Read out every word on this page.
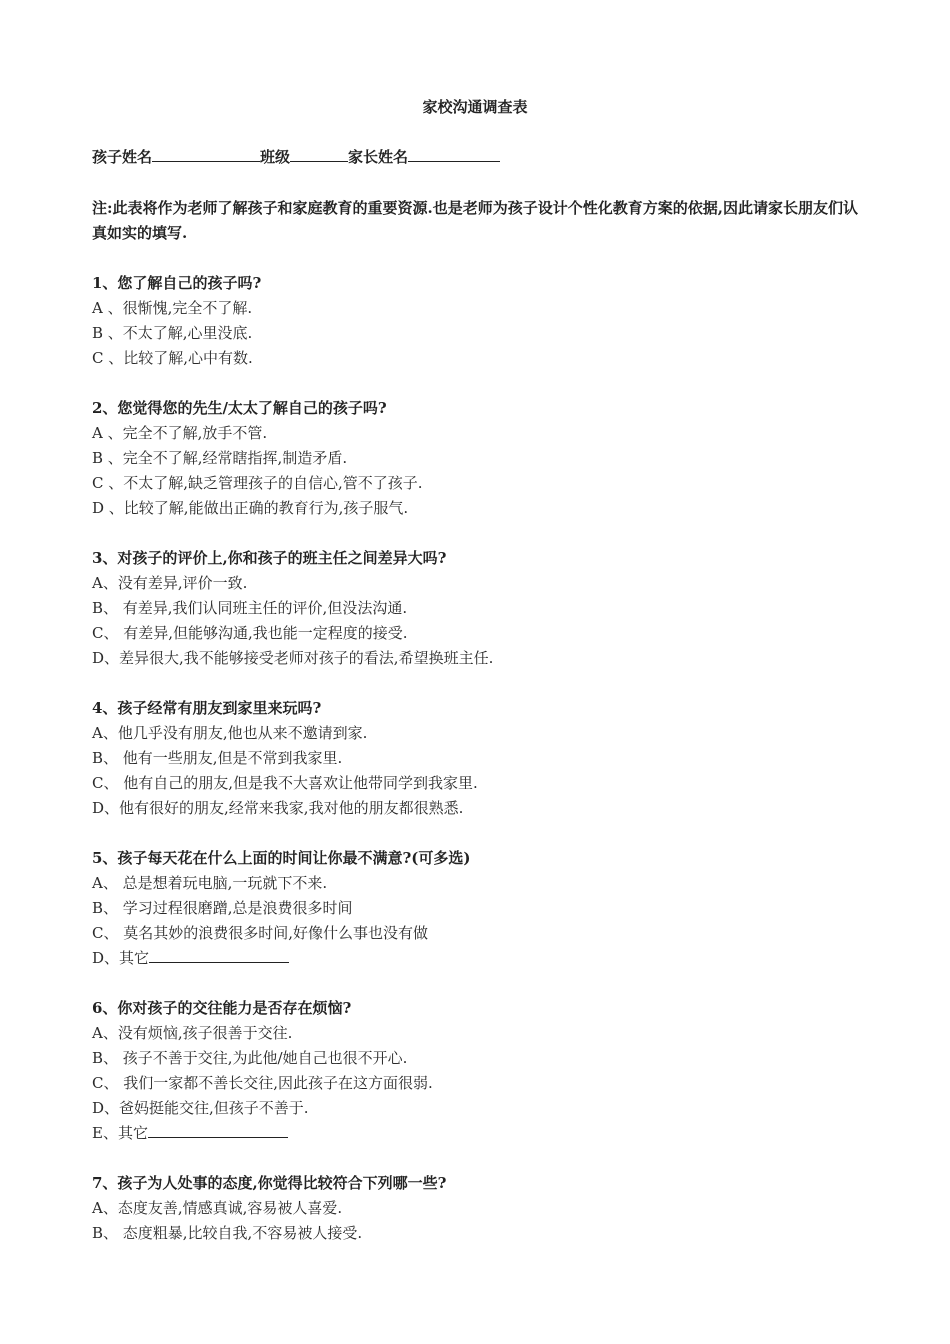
家校沟通调查表
孩子姓名	班级	家长姓名
注:此表将作为老师了解孩子和家庭教育的重要资源.也是老师为孩子设计个性化教育方案的依据,因此请家长朋友们认真如实的填写.
1、您了解自己的孩子吗?
A 、很惭愧,完全不了解.
B 、不太了解,心里没底.
C 、比较了解,心中有数.
2、您觉得您的先生/太太了解自己的孩子吗?
A 、完全不了解,放手不管.
B 、完全不了解,经常瞎指挥,制造矛盾.
C 、不太了解,缺乏管理孩子的自信心,管不了孩子.
D 、比较了解,能做出正确的教育行为,孩子服气.
3、对孩子的评价上,你和孩子的班主任之间差异大吗?
A、没有差异,评价一致.
B、 有差异,我们认同班主任的评价,但没法沟通.
C、 有差异,但能够沟通,我也能一定程度的接受.
D、差异很大,我不能够接受老师对孩子的看法,希望换班主任.
4、孩子经常有朋友到家里来玩吗?
A、他几乎没有朋友,他也从来不邀请到家.
B、 他有一些朋友,但是不常到我家里.
C、 他有自己的朋友,但是我不大喜欢让他带同学到我家里.
D、他有很好的朋友,经常来我家,我对他的朋友都很熟悉.
5、孩子每天花在什么上面的时间让你最不满意?(可多选)
A、 总是想着玩电脑,一玩就下不来.
B、 学习过程很磨蹭,总是浪费很多时间
C、 莫名其妙的浪费很多时间,好像什么事也没有做
D、其它
6、你对孩子的交往能力是否存在烦恼?
A、没有烦恼,孩子很善于交往.
B、 孩子不善于交往,为此他/她自己也很不开心.
C、 我们一家都不善长交往,因此孩子在这方面很弱.
D、爸妈挺能交往,但孩子不善于.
E、其它
7、孩子为人处事的态度,你觉得比较符合下列哪一些?
A、态度友善,情感真诚,容易被人喜爱.
B、 态度粗暴,比较自我,不容易被人接受.
